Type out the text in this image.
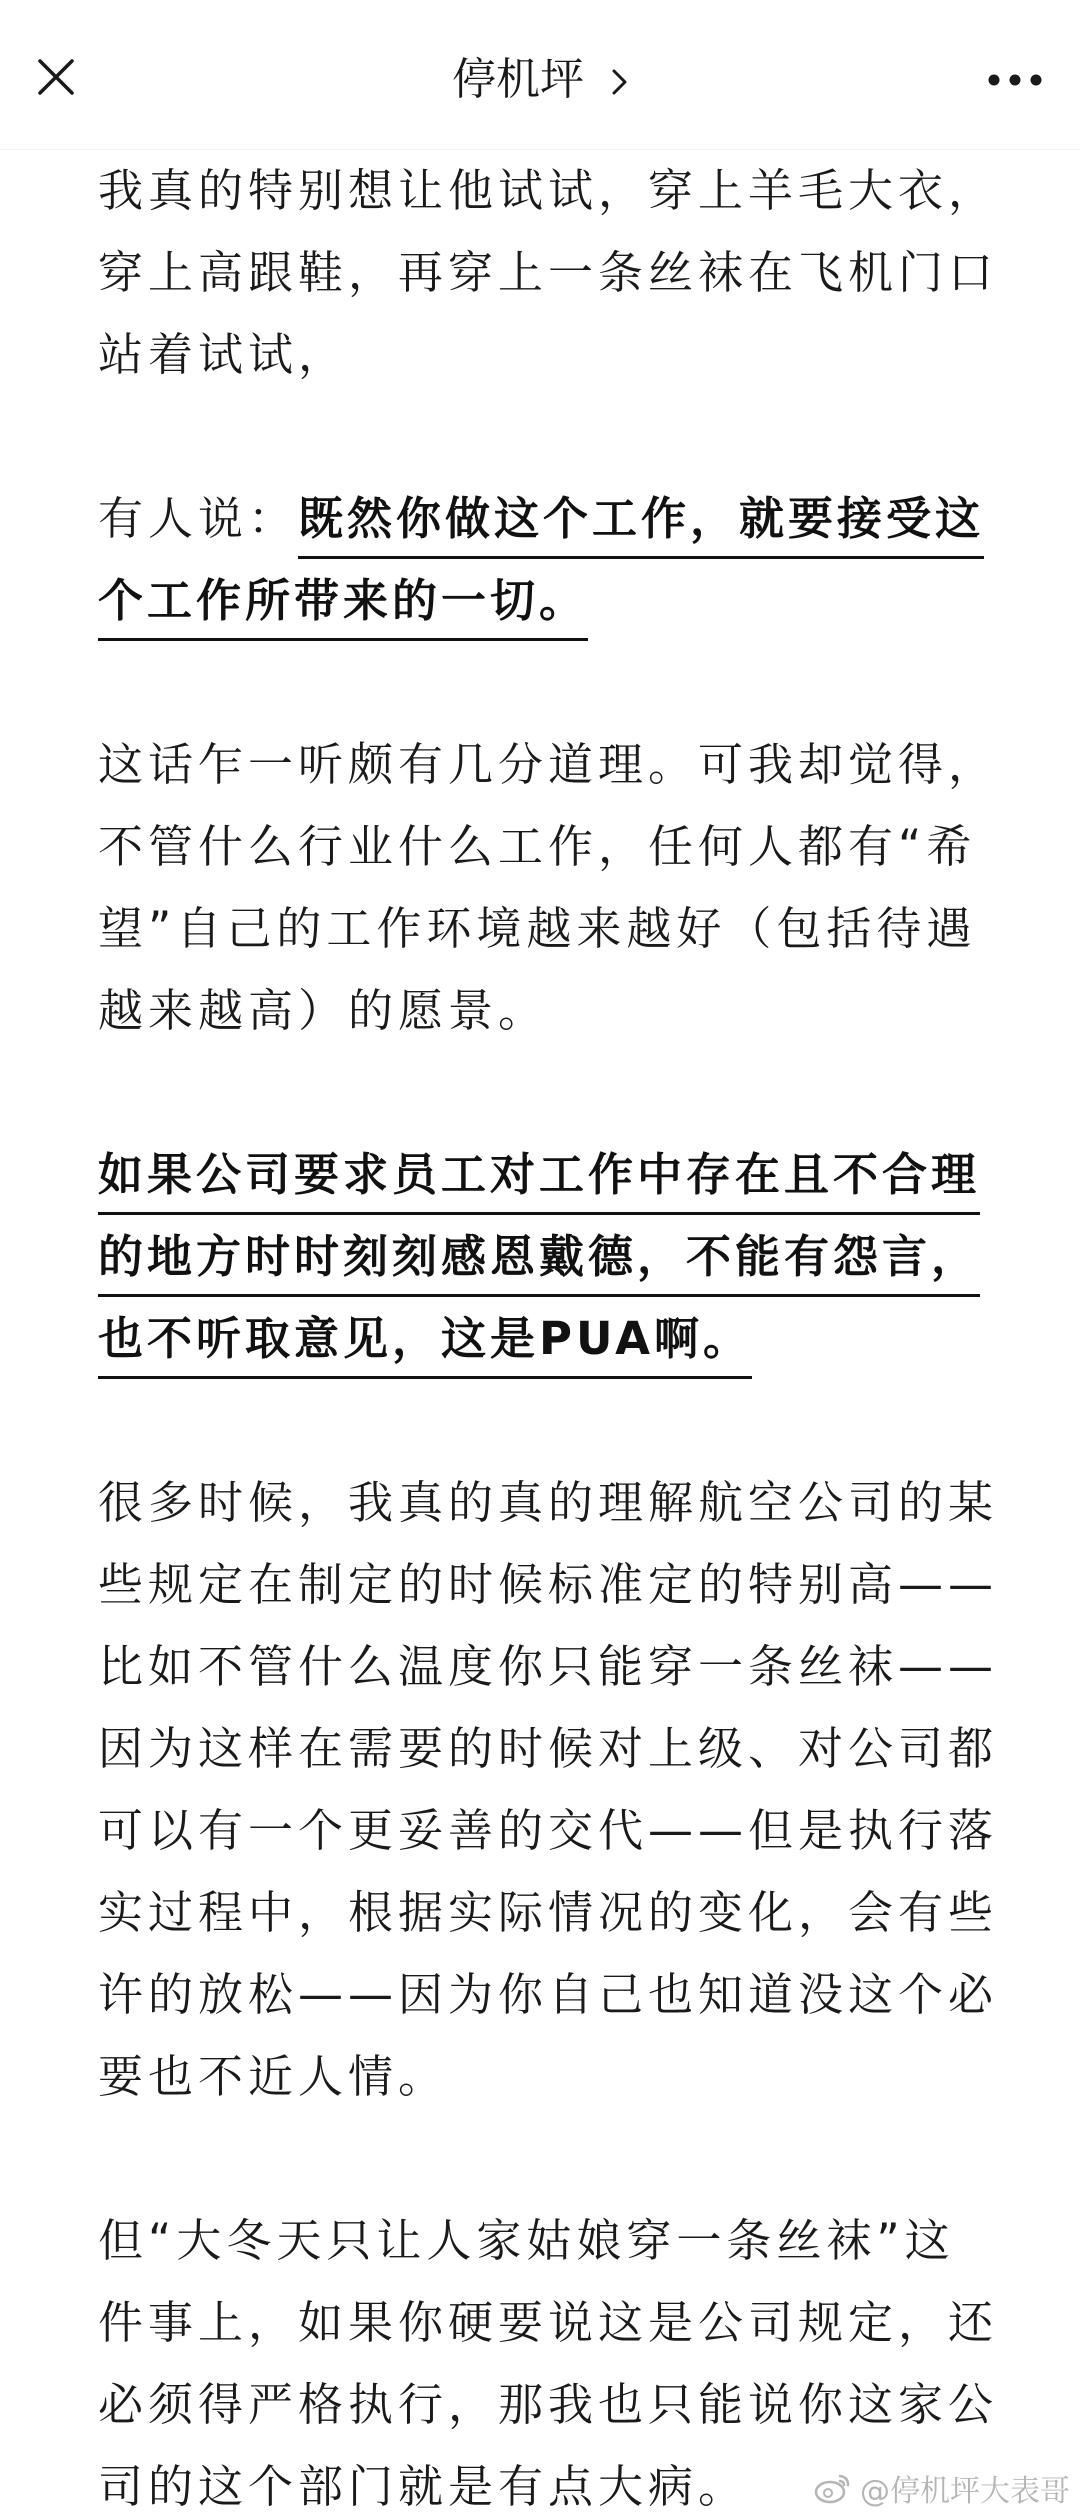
停机坪

我真的特别想让他试试，穿上羊毛大衣，穿上高跟鞋，再穿上一条丝袜在飞机门口站着试试，

有人说：既然你做这个工作，就要接受这
个工作所带来的一切。

这话乍一听颇有几分道理。可我却觉得，不管什么行业什么工作，任何人都有“希望”自己的工作环境越来越好（包括待遇越来越高）的愿景。

如果公司要求员工对工作中存在且不合理
的地方时时刻刻感恩戴德，不能有怨言，
也不听取意见，这是PUA啊。

很多时候，我真的真的理解航空公司的某些规定在制定的时候标准定的特别高——比如不管什么温度你只能穿一条丝袜——因为这样在需要的时候对上级、对公司都可以有一个更妥善的交代——但是执行落实过程中，根据实际情况的变化，会有些许的放松——因为你自己也知道没这个必要也不近人情。

但“大冬天只让人家姑娘穿一条丝袜”这件事上，如果你硬要说这是公司规定，还必须得严格执行，那我也只能说你这家公司的这个部门就是有点大病。	@停机坪大表哥
